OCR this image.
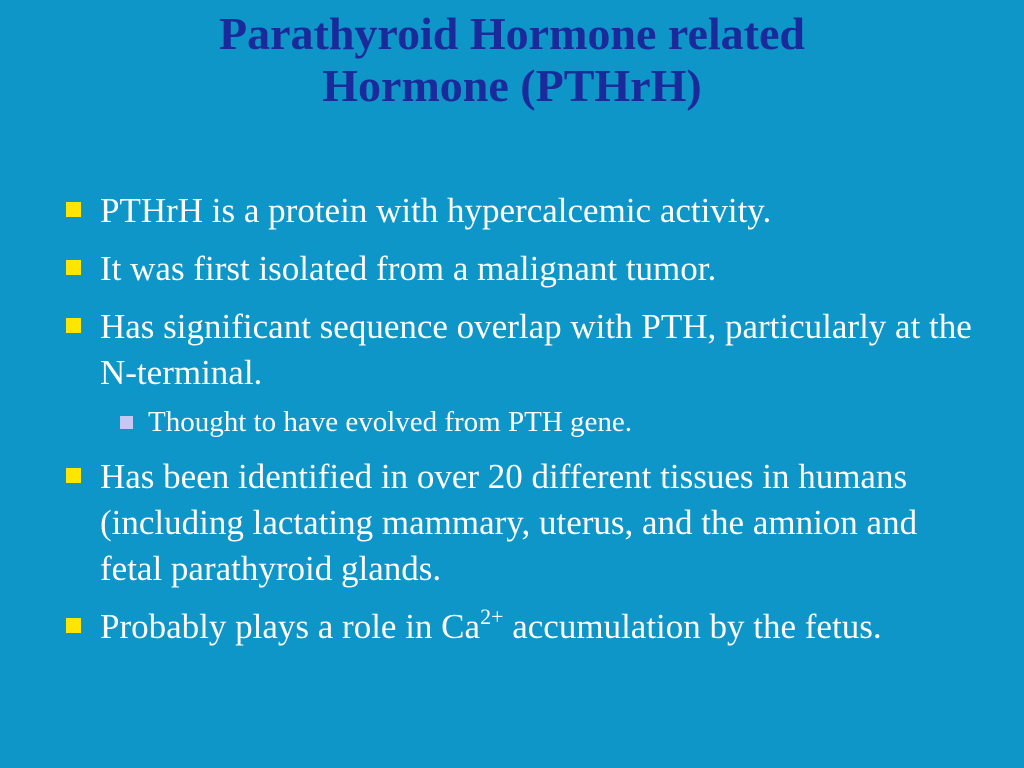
Parathyroid Hormone related
Hormone (PTHrH)
PTHrH is a protein with hypercalcemic activity.
It was first isolated from a malignant tumor.
Has significant sequence overlap with PTH, particularly at the N-terminal.
Thought to have evolved from PTH gene.
Has been identified in over 20 different tissues in humans (including lactating mammary, uterus, and the amnion and fetal parathyroid glands.
Probably plays a role in $Ca^{2+}$ accumulation by the fetus.
